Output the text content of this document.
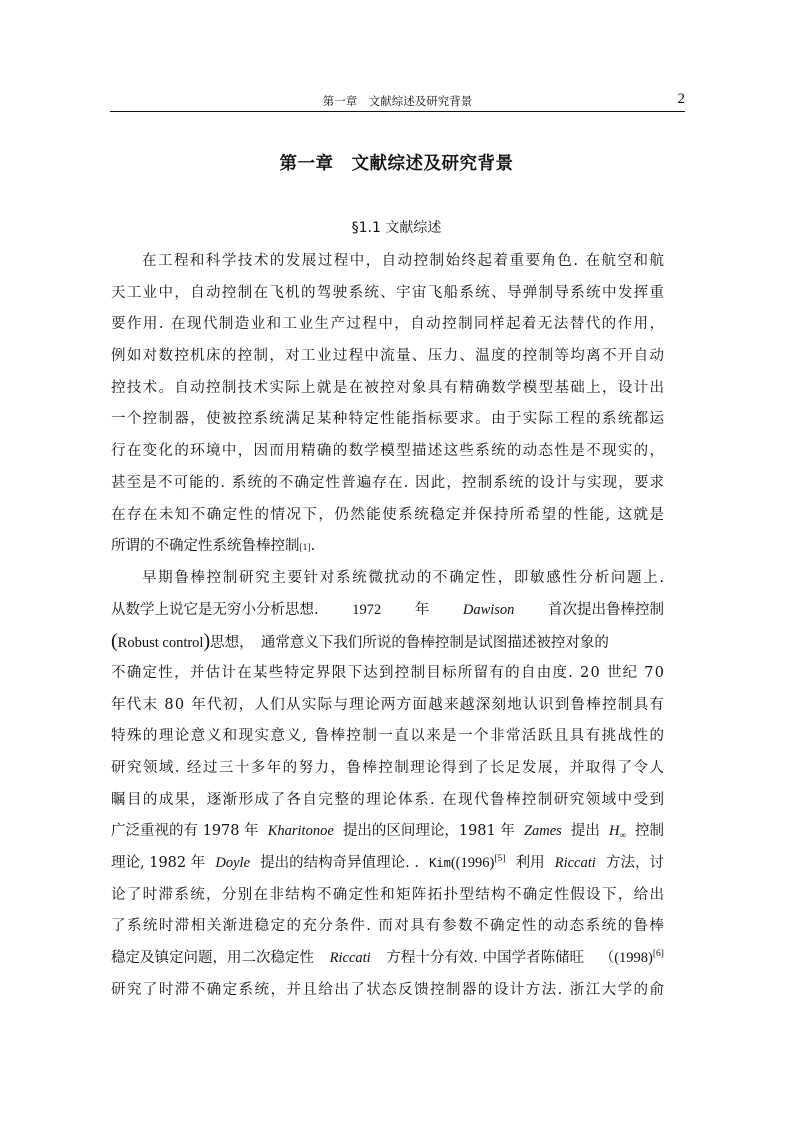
第一章　文献综述及研究背景	2
第一章　文献综述及研究背景
§1.1 文献综述
在工程和科学技术的发展过程中，自动控制始终起着重要角色. 在航空和航
天工业中，自动控制在飞机的驾驶系统、宇宙飞船系统、导弹制导系统中发挥重
要作用. 在现代制造业和工业生产过程中，自动控制同样起着无法替代的作用，
例如对数控机床的控制，对工业过程中流量、压力、温度的控制等均离不开自动
控技术。自动控制技术实际上就是在被控对象具有精确数学模型基础上，设计出
一个控制器，使被控系统满足某种特定性能指标要求。由于实际工程的系统都运
行在变化的环境中，因而用精确的数学模型描述这些系统的动态性是不现实的，
甚至是不可能的. 系统的不确定性普遍存在. 因此，控制系统的设计与实现，要求
在存在未知不确定性的情况下，仍然能使系统稳定并保持所希望的性能, 这就是
所谓的不确定性系统鲁棒控制 [1] .
早期鲁棒控制研究主要针对系统微扰动的不确定性，即敏感性分析问题上.
从数学上说它是无穷小分析思想. 1972 年 Dawison 首次提出鲁棒控制
( Robust control ) 思想，　通常意义下我们所说的鲁棒控制是试图描述被控对象的
不确定性，并估计在某些特定界限下达到控制目标所留有的自由度. 20 世纪 70
年代末 80 年代初，人们从实际与理论两方面越来越深刻地认识到鲁棒控制具有
特殊的理论意义和现实意义, 鲁棒控制一直以来是一个非常活跃且具有挑战性的
研究领域. 经过三十多年的努力，鲁棒控制理论得到了长足发展，并取得了令人
瞩目的成果，逐渐形成了各自完整的理论体系. 在现代鲁棒控制研究领域中受到
广泛重视的有 1978 年 Kharitonoe 提出的区间理论，1981 年 Zames 提出 $H_\infty$ 控制
理论, 1982 年 Doyle 提出的结构奇异值理论. . Kim((1996)[5] 利用 Riccati 方法，讨
论了时滞系统，分别在非结构不确定性和矩阵拓扑型结构不确定性假设下，给出
了系统时滞相关渐进稳定的充分条件. 而对具有参数不确定性的动态系统的鲁棒
稳定及镇定问题，用二次稳定性 Riccati 方程十分有效. 中国学者陈储旺 （(1998)[6]
研究了时滞不确定系统，并且给出了状态反馈控制器的设计方法. 浙江大学的俞
